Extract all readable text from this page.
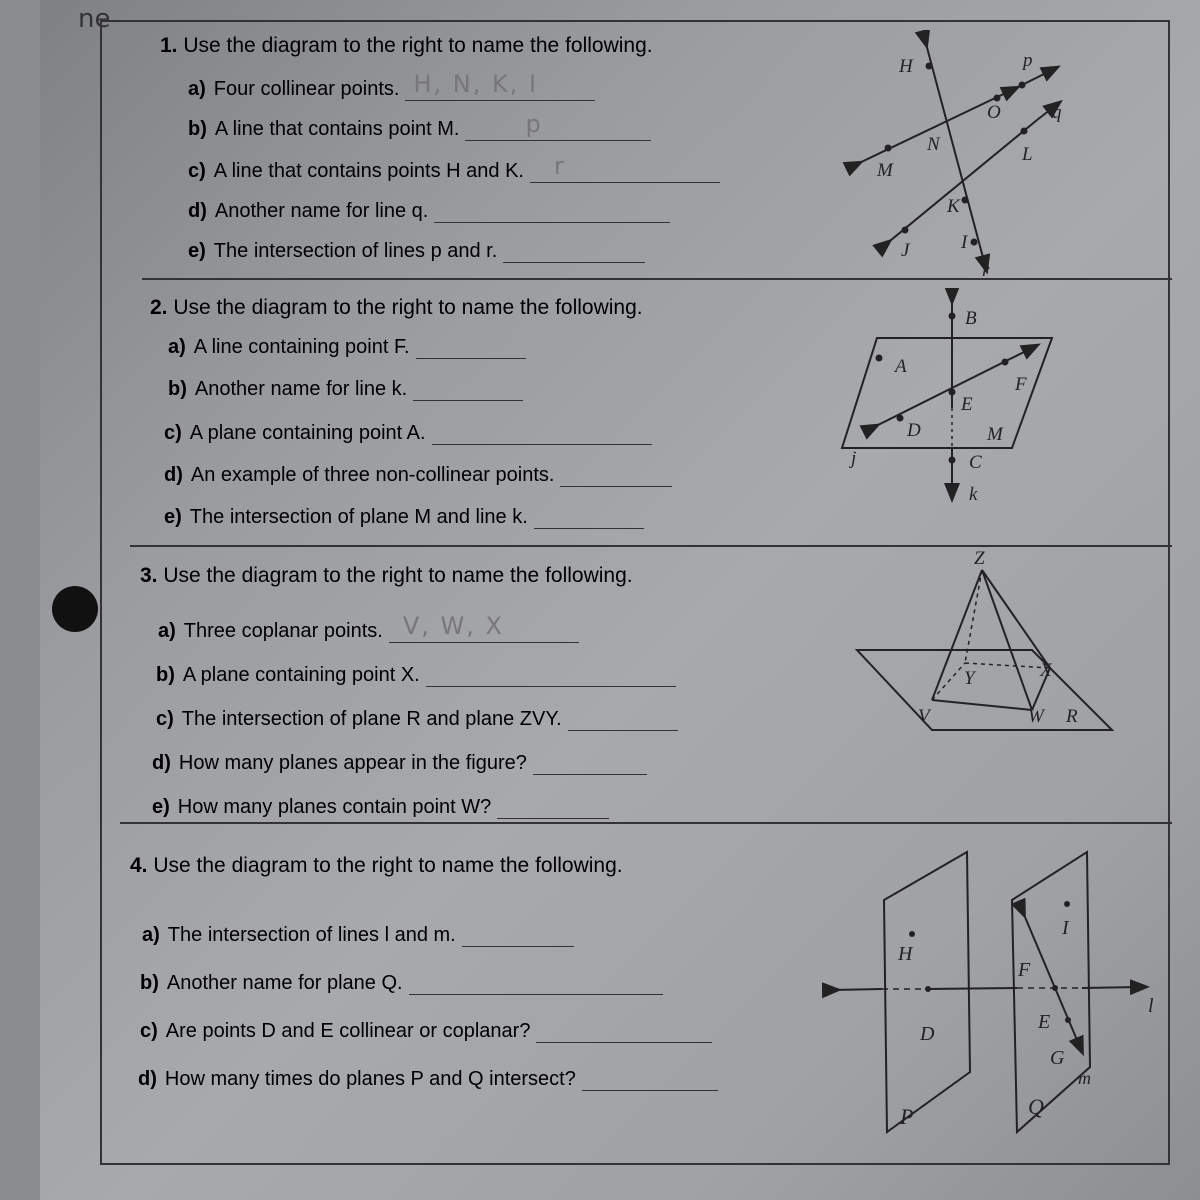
ne
1. Use the diagram to the right to name the following.
a) Four collinear points. H, N, K, I
b) A line that contains point M.	p
c) A line that contains points H and K. r
d) Another name for line q.
e) The intersection of lines p and r.
H	p
O	q
N	L
M
K
J	I
r
2. Use the diagram to the right to name the following.
a) A line containing point F.
b) Another name for line k.
c) A plane containing point A.
d) An example of three non-collinear points.
e) The intersection of plane M and line k.
B
A
F
E
j
D	M
C
k
3. Use the diagram to the right to name the following.
a) Three coplanar points. V, W, X
b) A plane containing point X.
c) The intersection of plane R and plane ZVY.
d) How many planes appear in the figure?
e) How many planes contain point W?
Z
X
Y
V	W R
4. Use the diagram to the right to name the following.
a) The intersection of lines l and m.
b) Another name for plane Q.
c) Are points D and E collinear or coplanar?
d) How many times do planes P and Q intersect?
I
H
F
l
E
D
G
m
P	Q
